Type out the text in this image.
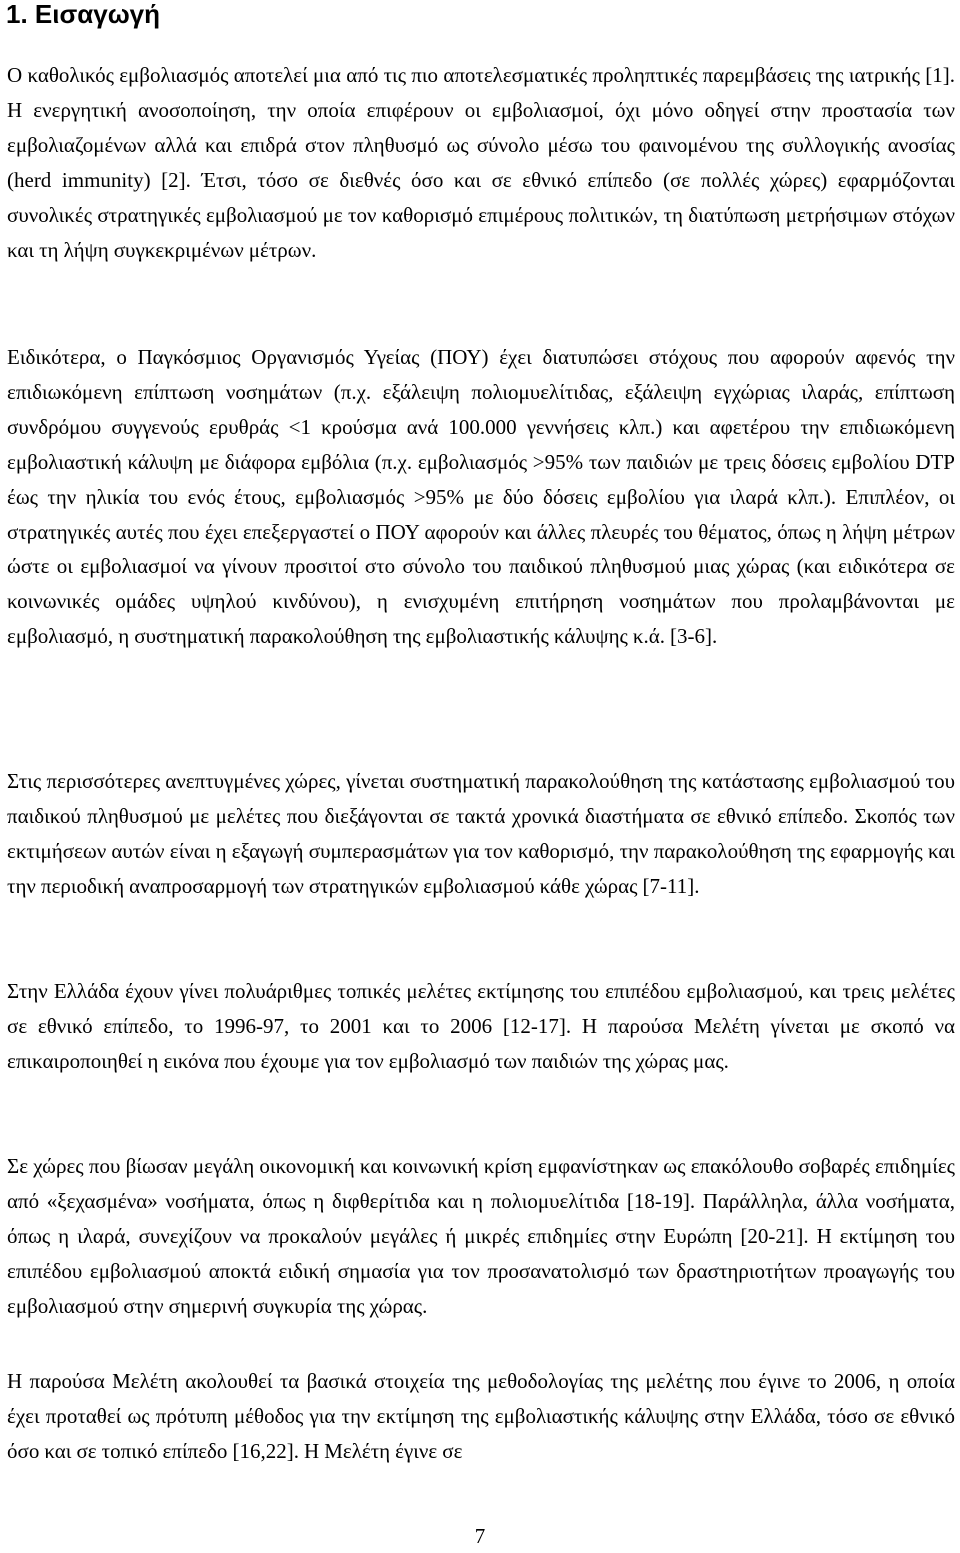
1. Εισαγωγή

Ο καθολικός εμβολιασμός αποτελεί μια από τις πιο αποτελεσματικές προληπτικές παρεμβάσεις της ιατρικής [1]. Η ενεργητική ανοσοποίηση, την οποία επιφέρουν οι εμβολιασμοί, όχι μόνο οδηγεί στην προστασία των εμβολιαζομένων αλλά και επιδρά στον πληθυσμό ως σύνολο μέσω του φαινομένου της συλλογικής ανοσίας (herd immunity) [2]. Έτσι, τόσο σε διεθνές όσο και σε εθνικό επίπεδο (σε πολλές χώρες) εφαρμόζονται συνολικές στρατηγικές εμβολιασμού με τον καθορισμό επιμέρους πολιτικών, τη διατύπωση μετρήσιμων στόχων και τη λήψη συγκεκριμένων μέτρων.

Ειδικότερα, ο Παγκόσμιος Οργανισμός Υγείας (ΠΟΥ) έχει διατυπώσει στόχους που αφορούν αφενός την επιδιωκόμενη επίπτωση νοσημάτων (π.χ. εξάλειψη πολιομυελίτιδας, εξάλειψη εγχώριας ιλαράς, επίπτωση συνδρόμου συγγενούς ερυθράς <1 κρούσμα ανά 100.000 γεννήσεις κλπ.) και αφετέρου την επιδιωκόμενη εμβολιαστική κάλυψη με διάφορα εμβόλια (π.χ. εμβολιασμός >95% των παιδιών με τρεις δόσεις εμβολίου DTP έως την ηλικία του ενός έτους, εμβολιασμός >95% με δύο δόσεις εμβολίου για ιλαρά κλπ.). Επιπλέον, οι στρατηγικές αυτές που έχει επεξεργαστεί ο ΠΟΥ αφορούν και άλλες πλευρές του θέματος, όπως η λήψη μέτρων ώστε οι εμβολιασμοί να γίνουν προσιτοί στο σύνολο του παιδικού πληθυσμού μιας χώρας (και ειδικότερα σε κοινωνικές ομάδες υψηλού κινδύνου), η ενισχυμένη επιτήρηση νοσημάτων που προλαμβάνονται με εμβολιασμό, η συστηματική παρακολούθηση της εμβολιαστικής κάλυψης κ.ά. [3-6].

Στις περισσότερες ανεπτυγμένες χώρες, γίνεται συστηματική παρακολούθηση της κατάστασης εμβολιασμού του παιδικού πληθυσμού με μελέτες που διεξάγονται σε τακτά χρονικά διαστήματα σε εθνικό επίπεδο. Σκοπός των εκτιμήσεων αυτών είναι η εξαγωγή συμπερασμάτων για τον καθορισμό, την παρακολούθηση της εφαρμογής και την περιοδική αναπροσαρμογή των στρατηγικών εμβολιασμού κάθε χώρας [7-11].

Στην Ελλάδα έχουν γίνει πολυάριθμες τοπικές μελέτες εκτίμησης του επιπέδου εμβολιασμού, και τρεις μελέτες σε εθνικό επίπεδο, το 1996-97, το 2001 και το 2006 [12-17]. Η παρούσα Μελέτη γίνεται με σκοπό να επικαιροποιηθεί η εικόνα που έχουμε για τον εμβολιασμό των παιδιών της χώρας μας.

Σε χώρες που βίωσαν μεγάλη οικονομική και κοινωνική κρίση εμφανίστηκαν ως επακόλουθο σοβαρές επιδημίες από «ξεχασμένα» νοσήματα, όπως η διφθερίτιδα και η πολιομυελίτιδα [18-19]. Παράλληλα, άλλα νοσήματα, όπως η ιλαρά, συνεχίζουν να προκαλούν μεγάλες ή μικρές επιδημίες στην Ευρώπη [20-21]. Η εκτίμηση του επιπέδου εμβολιασμού αποκτά ειδική σημασία για τον προσανατολισμό των δραστηριοτήτων προαγωγής του εμβολιασμού στην σημερινή συγκυρία της χώρας.

Η παρούσα Μελέτη ακολουθεί τα βασικά στοιχεία της μεθοδολογίας της μελέτης που έγινε το 2006, η οποία έχει προταθεί ως πρότυπη μέθοδος για την εκτίμηση της εμβολιαστικής κάλυψης στην Ελλάδα, τόσο σε εθνικό όσο και σε τοπικό επίπεδο [16,22]. Η Μελέτη έγινε σε

7
